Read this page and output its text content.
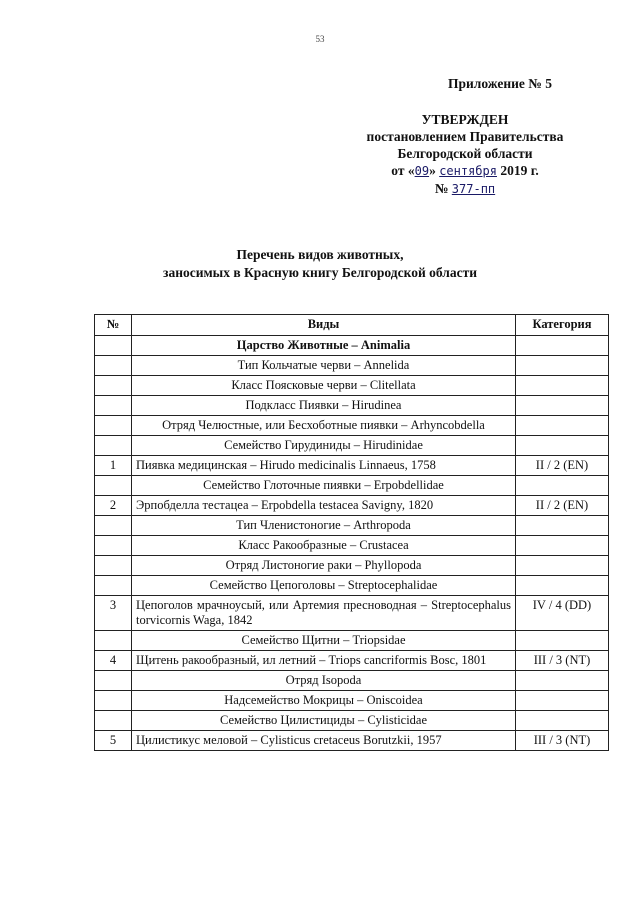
53
Приложение № 5
УТВЕРЖДЕН
постановлением Правительства
Белгородской области
от «09» сентября 2019 г.
№ 377-пп
Перечень видов животных,
заносимых в Красную книгу Белгородской области
№	Виды	Категория
	Царство Животные – Animalia	
	Тип Кольчатые черви – Annelida	
	Класс Поясковые черви – Clitellata	
	Подкласс Пиявки – Hirudinea	
	Отряд Челюстные, или Бесхоботные пиявки – Arhyncobdella	
	Семейство Гирудиниды – Hirudinidae	
1	Пиявка медицинская – Hirudo medicinalis Linnaeus, 1758	II / 2 (EN)
	Семейство Глоточные пиявки – Erpobdellidae	
2	Эрпобделла тестацеа – Erpobdella testacea Savigny, 1820	II / 2 (EN)
	Тип Членистоногие – Arthropoda	
	Класс Ракообразные – Crustacea	
	Отряд Листоногие раки – Phyllopoda	
	Семейство Цепоголовы – Streptocephalidae	
3	Цепоголов мрачноусый, или Артемия пресноводная – Streptocephalus torvicornis Waga, 1842	IV / 4 (DD)
	Семейство Щитни – Triopsidae	
4	Щитень ракообразный, ил летний – Triops cancriformis Bosc, 1801	III / 3 (NT)
	Отряд Isopoda	
	Надсемейство Мокрицы – Oniscoidea	
	Семейство Цилистициды – Cylisticidae	
5	Цилистикус меловой – Cylisticus cretaceus Borutzkii, 1957	III / 3 (NT)
